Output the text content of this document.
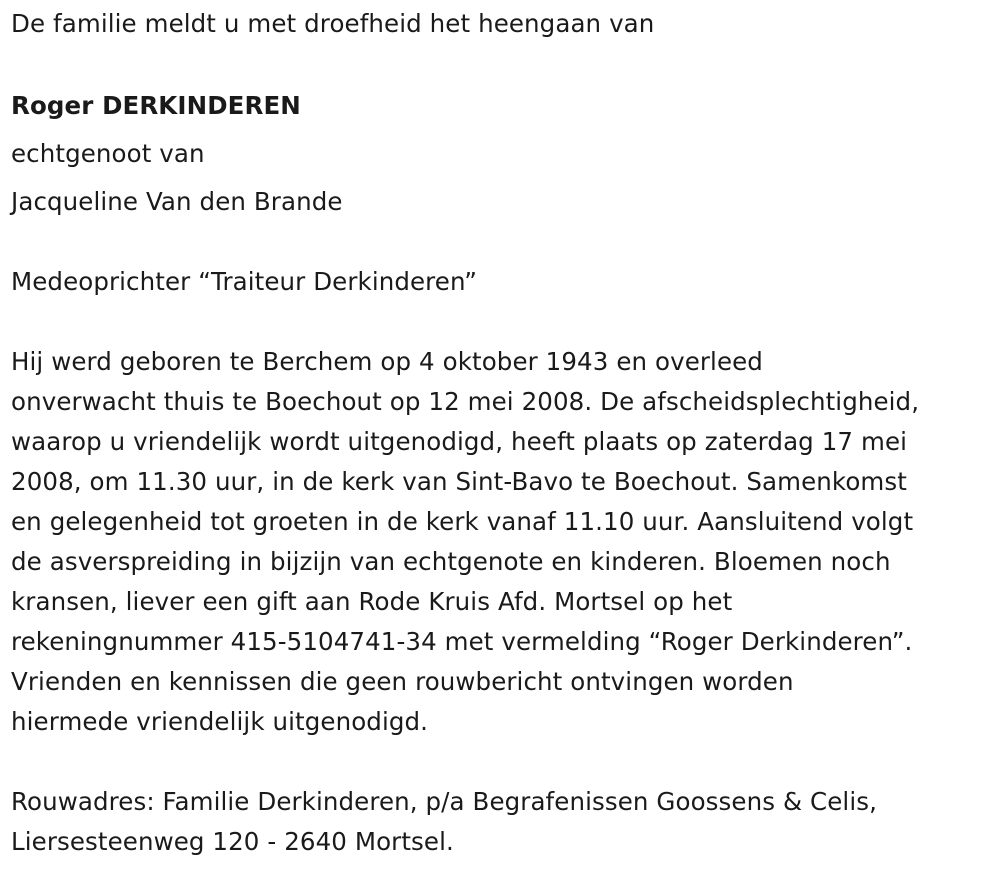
De familie meldt u met droefheid het heengaan van
Roger DERKINDEREN
echtgenoot van
Jacqueline Van den Brande
Medeoprichter “Traiteur Derkinderen”
Hij werd geboren te Berchem op 4 oktober 1943 en overleed
onverwacht thuis te Boechout op 12 mei 2008. De afscheidsplechtigheid,
waarop u vriendelijk wordt uitgenodigd, heeft plaats op zaterdag 17 mei
2008, om 11.30 uur, in de kerk van Sint-Bavo te Boechout. Samenkomst
en gelegenheid tot groeten in de kerk vanaf 11.10 uur. Aansluitend volgt
de asverspreiding in bijzijn van echtgenote en kinderen. Bloemen noch
kransen, liever een gift aan Rode Kruis Afd. Mortsel op het
rekeningnummer 415-5104741-34 met vermelding “Roger Derkinderen”.
Vrienden en kennissen die geen rouwbericht ontvingen worden
hiermede vriendelijk uitgenodigd.
Rouwadres: Familie Derkinderen, p/a Begrafenissen Goossens & Celis,
Liersesteenweg 120 - 2640 Mortsel.
